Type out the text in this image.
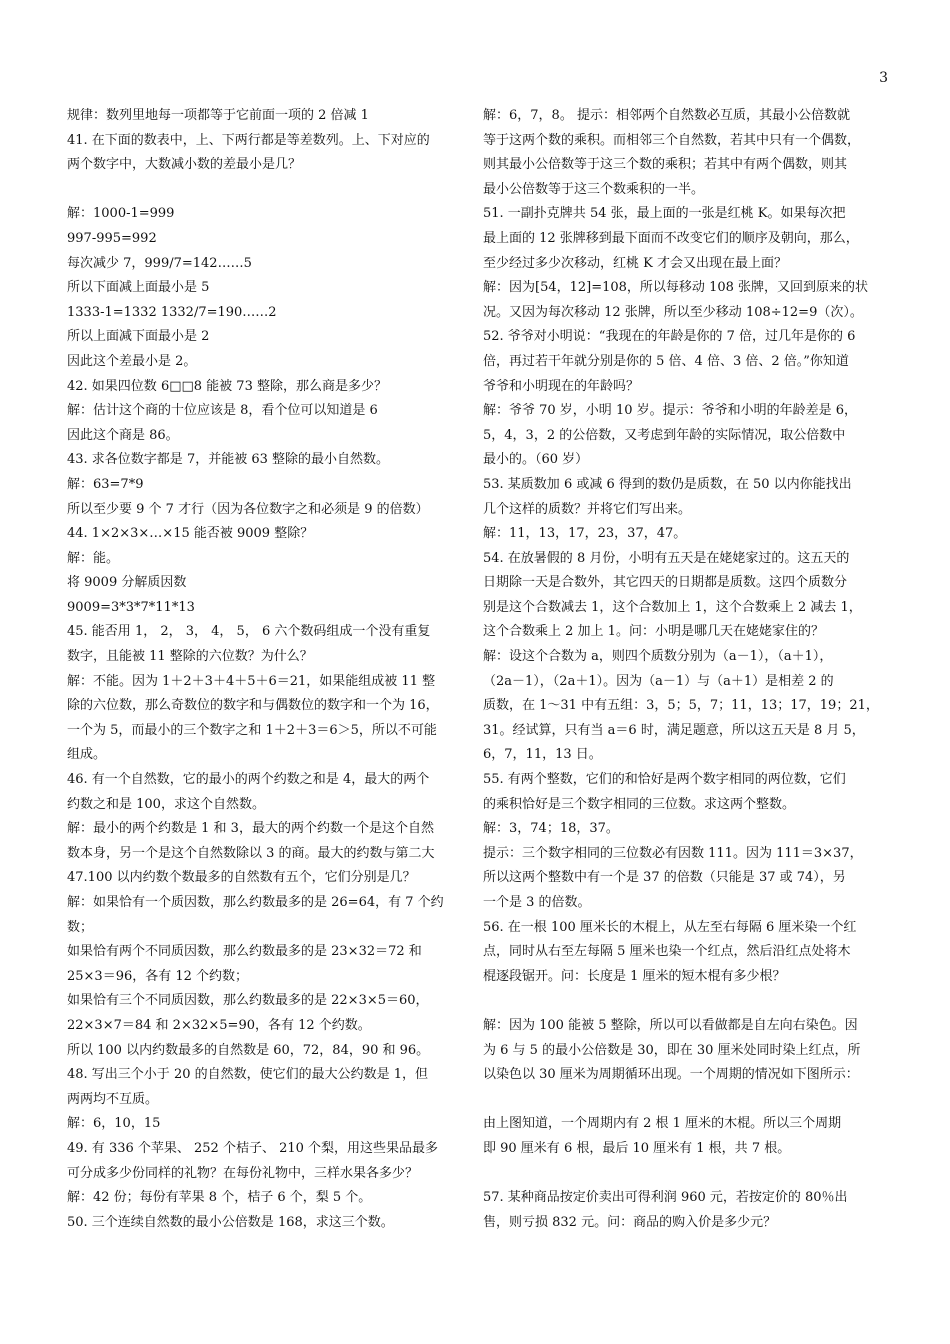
3
规律：数列里地每一项都等于它前面一项的 2 倍减 1
41. 在下面的数表中，上、下两行都是等差数列。上、下对应的
两个数字中，大数减小数的差最小是几？
解：1000-1=999
997-995=992
每次减少 7，999/7=142……5
所以下面减上面最小是 5
1333-1=1332 1332/7=190……2
所以上面减下面最小是 2
因此这个差最小是 2。
42. 如果四位数 6□□8 能被 73 整除，那么商是多少？
解：估计这个商的十位应该是 8，看个位可以知道是 6
因此这个商是 86。
43. 求各位数字都是 7，并能被 63 整除的最小自然数。
解：63=7*9
所以至少要 9 个 7 才行（因为各位数字之和必须是 9 的倍数）
44. 1×2×3×…×15 能否被 9009 整除？
解：能。
将 9009 分解质因数
9009=3*3*7*11*13
45. 能否用 1， 2， 3， 4， 5， 6 六个数码组成一个没有重复
数字，且能被 11 整除的六位数？为什么？
解：不能。因为 1＋2＋3＋4＋5＋6＝21，如果能组成被 11 整
除的六位数，那么奇数位的数字和与偶数位的数字和一个为 16，
一个为 5，而最小的三个数字之和 1＋2＋3＝6＞5，所以不可能
组成。
46. 有一个自然数，它的最小的两个约数之和是 4，最大的两个
约数之和是 100，求这个自然数。
解：最小的两个约数是 1 和 3，最大的两个约数一个是这个自然
数本身，另一个是这个自然数除以 3 的商。最大的约数与第二大
47.100 以内约数个数最多的自然数有五个，它们分别是几？
解：如果恰有一个质因数，那么约数最多的是 26=64，有 7 个约
数；
如果恰有两个不同质因数，那么约数最多的是 23×32＝72 和
25×3＝96，各有 12 个约数；
如果恰有三个不同质因数，那么约数最多的是 22×3×5＝60，
22×3×7＝84 和 2×32×5=90，各有 12 个约数。
所以 100 以内约数最多的自然数是 60，72，84，90 和 96。
48. 写出三个小于 20 的自然数，使它们的最大公约数是 1，但
两两均不互质。
解：6，10，15
49. 有 336 个苹果、 252 个桔子、 210 个梨，用这些果品最多
可分成多少份同样的礼物？在每份礼物中，三样水果各多少？
解：42 份；每份有苹果 8 个，桔子 6 个，梨 5 个。
50. 三个连续自然数的最小公倍数是 168，求这三个数。
解：6，7，8。 提示：相邻两个自然数必互质，其最小公倍数就
等于这两个数的乘积。而相邻三个自然数，若其中只有一个偶数，
则其最小公倍数等于这三个数的乘积；若其中有两个偶数，则其
最小公倍数等于这三个数乘积的一半。
51. 一副扑克牌共 54 张，最上面的一张是红桃 K。如果每次把
最上面的 12 张牌移到最下面而不改变它们的顺序及朝向，那么，
至少经过多少次移动，红桃 K 才会又出现在最上面？
解：因为[54，12]=108，所以每移动 108 张牌，又回到原来的状
况。又因为每次移动 12 张牌，所以至少移动 108÷12=9（次）。
52. 爷爷对小明说：“我现在的年龄是你的 7 倍，过几年是你的 6
倍，再过若干年就分别是你的 5 倍、4 倍、3 倍、2 倍。”你知道
爷爷和小明现在的年龄吗？
解：爷爷 70 岁，小明 10 岁。提示：爷爷和小明的年龄差是 6，
5，4，3，2 的公倍数，又考虑到年龄的实际情况，取公倍数中
最小的。（60 岁）
53. 某质数加 6 或减 6 得到的数仍是质数，在 50 以内你能找出
几个这样的质数？并将它们写出来。
解：11，13，17，23，37，47。
54. 在放暑假的 8 月份，小明有五天是在姥姥家过的。这五天的
日期除一天是合数外，其它四天的日期都是质数。这四个质数分
别是这个合数减去 1，这个合数加上 1，这个合数乘上 2 减去 1，
这个合数乘上 2 加上 1。问：小明是哪几天在姥姥家住的？
解：设这个合数为 a，则四个质数分别为（a－1），（a＋1），
（2a－1），（2a＋1）。因为（a－1）与（a＋1）是相差 2 的
质数，在 1～31 中有五组：3，5；5，7；11，13；17，19；21，
31。经试算，只有当 a＝6 时，满足题意，所以这五天是 8 月 5，
6，7，11，13 日。
55. 有两个整数，它们的和恰好是两个数字相同的两位数，它们
的乘积恰好是三个数字相同的三位数。求这两个整数。
解：3，74；18，37。
提示：三个数字相同的三位数必有因数 111。因为 111＝3×37，
所以这两个整数中有一个是 37 的倍数（只能是 37 或 74），另
一个是 3 的倍数。
56. 在一根 100 厘米长的木棍上，从左至右每隔 6 厘米染一个红
点，同时从右至左每隔 5 厘米也染一个红点，然后沿红点处将木
棍逐段锯开。问：长度是 1 厘米的短木棍有多少根？
解：因为 100 能被 5 整除，所以可以看做都是自左向右染色。因
为 6 与 5 的最小公倍数是 30，即在 30 厘米处同时染上红点，所
以染色以 30 厘米为周期循环出现。一个周期的情况如下图所示：
由上图知道，一个周期内有 2 根 1 厘米的木棍。所以三个周期
即 90 厘米有 6 根，最后 10 厘米有 1 根，共 7 根。
57. 某种商品按定价卖出可得利润 960 元，若按定价的 80％出
售，则亏损 832 元。问：商品的购入价是多少元？
